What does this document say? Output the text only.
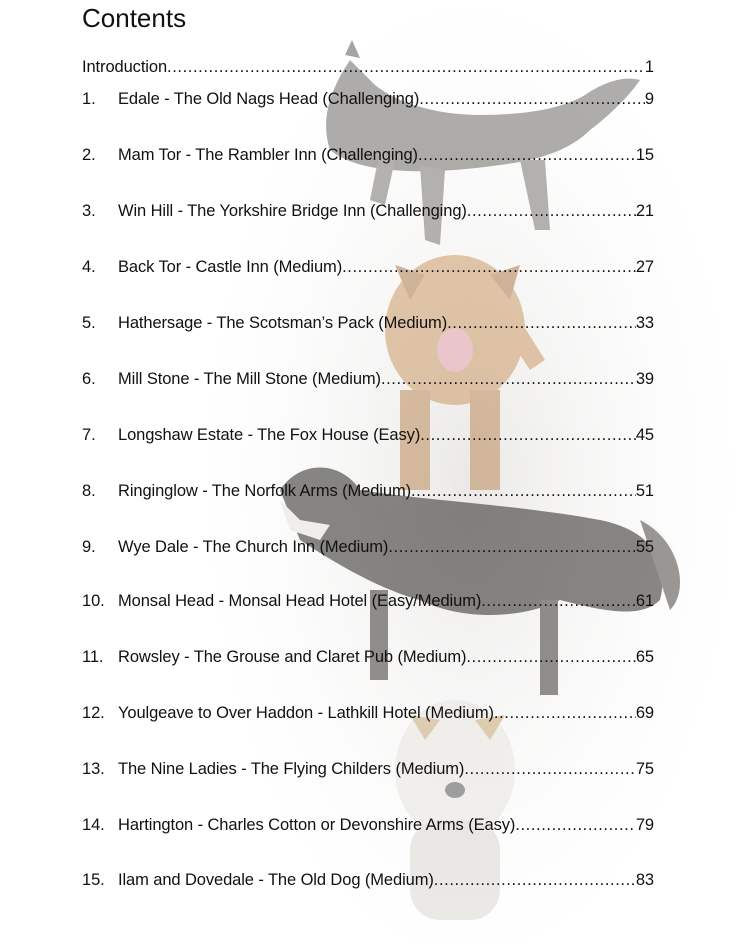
Contents
Introduction .....	1
1.	Edale - The Old Nags Head (Challenging) .....	9
2.	Mam Tor - The Rambler Inn (Challenging) .....	15
3.	Win Hill - The Yorkshire Bridge Inn (Challenging) .....	21
4.	Back Tor - Castle Inn (Medium) .....	27
5.	Hathersage - The Scotsman’s Pack (Medium) .....	33
6.	Mill Stone - The Mill Stone (Medium) .....	39
7.	Longshaw Estate - The Fox House (Easy) .....	45
8.	Ringinglow - The Norfolk Arms (Medium) .....	51
9.	Wye Dale - The Church Inn (Medium) .....	55
10. Monsal Head - Monsal Head Hotel (Easy/Medium) .....	61
11. Rowsley - The Grouse and Claret Pub (Medium) .....	65
12. Youlgeave to Over Haddon - Lathkill Hotel (Medium) .....	69
13. The Nine Ladies - The Flying Childers (Medium) .....	75
14. Hartington - Charles Cotton or Devonshire Arms (Easy) .....	79
15. Ilam and Dovedale - The Old Dog (Medium) .....	83
